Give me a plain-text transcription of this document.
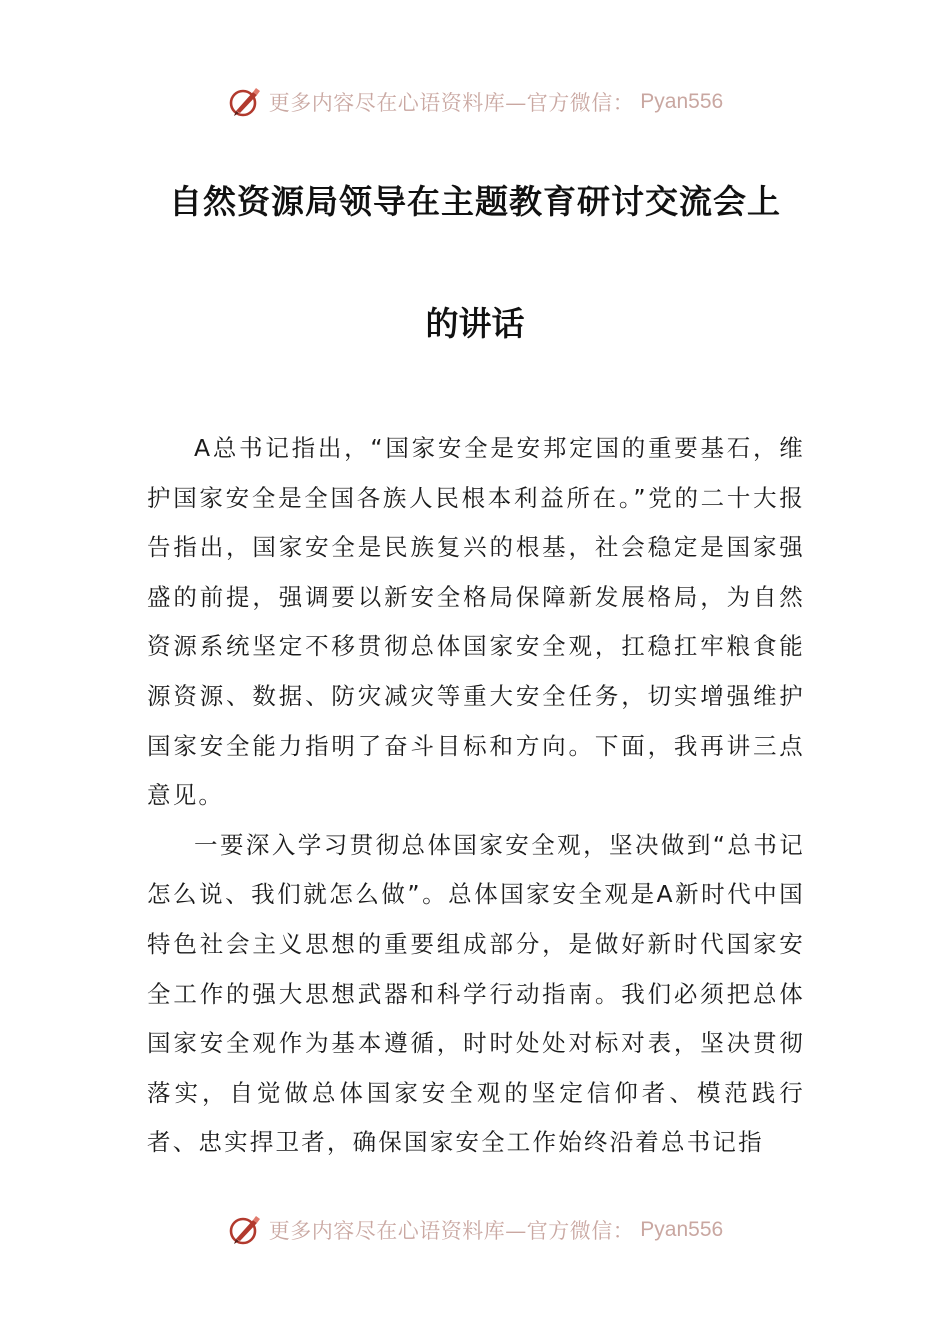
更多内容尽在心语资料库—官方微信： Pyan556
自然资源局领导在主题教育研讨交流会上
的讲话

A总书记指出，“国家安全是安邦定国的重要基石，维护国家安全是全国各族人民根本利益所在。”党的二十大报告指出，国家安全是民族复兴的根基，社会稳定是国家强盛的前提，强调要以新安全格局保障新发展格局，为自然资源系统坚定不移贯彻总体国家安全观，扛稳扛牢粮食能源资源、数据、防灾减灾等重大安全任务，切实增强维护国家安全能力指明了奋斗目标和方向。下面，我再讲三点意见。

一要深入学习贯彻总体国家安全观，坚决做到“总书记怎么说、我们就怎么做”。总体国家安全观是A新时代中国特色社会主义思想的重要组成部分，是做好新时代国家安全工作的强大思想武器和科学行动指南。我们必须把总体国家安全观作为基本遵循，时时处处对标对表，坚决贯彻落实，自觉做总体国家安全观的坚定信仰者、模范践行者、忠实捍卫者，确保国家安全工作始终沿着总书记指

更多内容尽在心语资料库—官方微信： Pyan556
